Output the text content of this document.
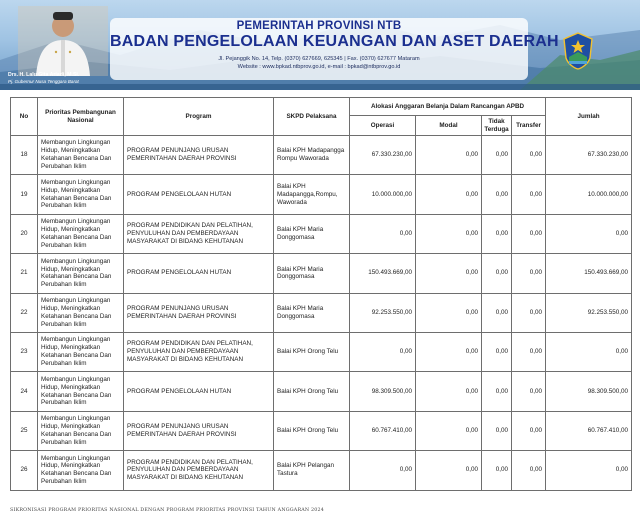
Drs. H. Lalu Gita Ariadi, M.Si.
Pj. Gubernur Nusa Tenggara Barat
PEMERINTAH PROVINSI NTB
BADAN PENGELOLAAN KEUANGAN DAN ASET DAERAH
Jl. Pejanggik No. 14, Telp. (0370) 627669, 625345 | Fax. (0370) 627677 Mataram
Website : www.bpkad.ntbprov.go.id, e-mail : bpkad@ntbprov.go.id
No	Prioritas Pembangunan Nasional	Program	SKPD Pelaksana	Alokasi Anggaran Belanja Dalam Rancangan APBD				Jumlah
				Operasi	Modal	Tidak Terduga	Transfer	
18	Membangun Lingkungan Hidup, Meningkatkan Ketahanan Bencana Dan Perubahan Iklim	PROGRAM PENUNJANG URUSAN PEMERINTAHAN DAERAH PROVINSI	Balai KPH Madapangga Rompu Waworada	67.330.230,00	0,00	0,00	0,00	67.330.230,00
19	Membangun Lingkungan Hidup, Meningkatkan Ketahanan Bencana Dan Perubahan Iklim	PROGRAM PENGELOLAAN HUTAN	Balai KPH Madapangga,Rompu, Waworada	10.000.000,00	0,00	0,00	0,00	10.000.000,00
20	Membangun Lingkungan Hidup, Meningkatkan Ketahanan Bencana Dan Perubahan Iklim	PROGRAM PENDIDIKAN DAN PELATIHAN, PENYULUHAN DAN PEMBERDAYAAN MASYARAKAT DI BIDANG KEHUTANAN	Balai KPH Maria Donggomasa	0,00	0,00	0,00	0,00	0,00
21	Membangun Lingkungan Hidup, Meningkatkan Ketahanan Bencana Dan Perubahan Iklim	PROGRAM PENGELOLAAN HUTAN	Balai KPH Maria Donggomasa	150.493.669,00	0,00	0,00	0,00	150.493.669,00
22	Membangun Lingkungan Hidup, Meningkatkan Ketahanan Bencana Dan Perubahan Iklim	PROGRAM PENUNJANG URUSAN PEMERINTAHAN DAERAH PROVINSI	Balai KPH Maria Donggomasa	92.253.550,00	0,00	0,00	0,00	92.253.550,00
23	Membangun Lingkungan Hidup, Meningkatkan Ketahanan Bencana Dan Perubahan Iklim	PROGRAM PENDIDIKAN DAN PELATIHAN, PENYULUHAN DAN PEMBERDAYAAN MASYARAKAT DI BIDANG KEHUTANAN	Balai KPH Orong Telu	0,00	0,00	0,00	0,00	0,00
24	Membangun Lingkungan Hidup, Meningkatkan Ketahanan Bencana Dan Perubahan Iklim	PROGRAM PENGELOLAAN HUTAN	Balai KPH Orong Telu	98.309.500,00	0,00	0,00	0,00	98.309.500,00
25	Membangun Lingkungan Hidup, Meningkatkan Ketahanan Bencana Dan Perubahan Iklim	PROGRAM PENUNJANG URUSAN PEMERINTAHAN DAERAH PROVINSI	Balai KPH Orong Telu	60.767.410,00	0,00	0,00	0,00	60.767.410,00
26	Membangun Lingkungan Hidup, Meningkatkan Ketahanan Bencana Dan Perubahan Iklim	PROGRAM PENDIDIKAN DAN PELATIHAN, PENYULUHAN DAN PEMBERDAYAAN MASYARAKAT DI BIDANG KEHUTANAN	Balai KPH Pelangan Tastura	0,00	0,00	0,00	0,00	0,00
SIKRONISASI PROGRAM PRIORITAS NASIONAL DENGAN PROGRAM PRIORITAS PROVINSI TAHUN ANGGARAN 2024
